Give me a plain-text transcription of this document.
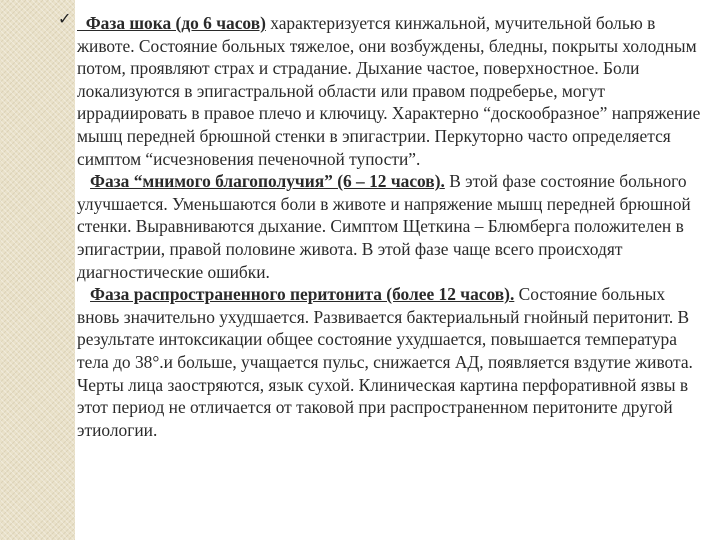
✓ Фаза шока (до 6 часов) характеризуется кинжальной, мучительной болью в животе. Состояние больных тяжелое, они возбуждены, бледны, покрыты холодным потом, проявляют страх и страдание. Дыхание частое, поверхностное. Боли локализуются в эпигастральной области или правом подреберье, могут иррадиировать в правое плечо и ключицу. Характерно “доскообразное” напряжение мышц передней брюшной стенки в эпигастрии. Перкуторно часто определяется симптом “исчезновения печеночной тупости”.

Фаза “мнимого благополучия” (6 – 12 часов). В этой фазе состояние больного улучшается. Уменьшаются боли в животе и напряжение мышц передней брюшной стенки. Выравниваются дыхание. Симптом Щеткина – Блюмберга положителен в эпигастрии, правой половине живота. В этой фазе чаще всего происходят диагностические ошибки.

Фаза распространенного перитонита (более 12 часов). Состояние больных вновь значительно ухудшается. Развивается бактериальный гнойный перитонит. В результате интоксикации общее состояние ухудшается, повышается температура тела до 38°.и больше, учащается пульс, снижается АД, появляется вздутие живота. Черты лица заостряются, язык сухой. Клиническая картина перфоративной язвы в этот период не отличается от таковой при распространенном перитоните другой этиологии.
